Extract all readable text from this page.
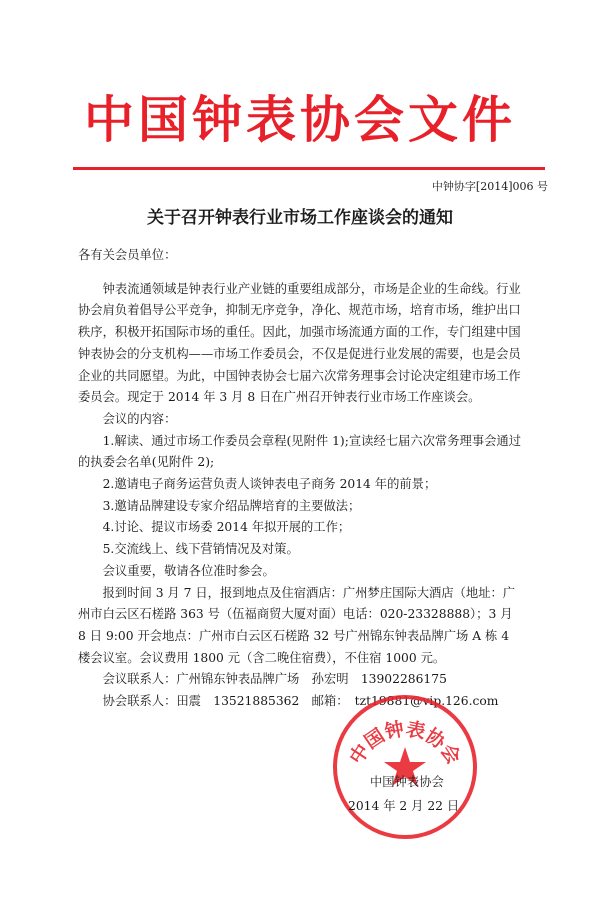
中国钟表协会文件
中钟协字[2014]006 号
关于召开钟表行业市场工作座谈会的通知

各有关会员单位：

钟表流通领域是钟表行业产业链的重要组成部分，市场是企业的生命线。行业协会肩负着倡导公平竞争，抑制无序竞争，净化、规范市场，培育市场，维护出口秩序，积极开拓国际市场的重任。因此，加强市场流通方面的工作，专门组建中国钟表协会的分支机构——市场工作委员会，不仅是促进行业发展的需要，也是会员企业的共同愿望。为此，中国钟表协会七届六次常务理事会讨论决定组建市场工作委员会。现定于 2014 年 3 月 8 日在广州召开钟表行业市场工作座谈会。

会议的内容：

1.解读、通过市场工作委员会章程(见附件 1);宣读经七届六次常务理事会通过的执委会名单(见附件 2);

2.邀请电子商务运营负责人谈钟表电子商务 2014 年的前景；

3.邀请品牌建设专家介绍品牌培育的主要做法；

4.讨论、提议市场委 2014 年拟开展的工作；

5.交流线上、线下营销情况及对策。

会议重要，敬请各位准时参会。

报到时间 3 月 7 日，报到地点及住宿酒店：广州梦庄国际大酒店（地址：广州市白云区石槎路 363 号（伍福商贸大厦对面）电话：020-23328888）；3 月 8 日 9:00 开会地点：广州市白云区石槎路 32 号广州锦东钟表品牌广场 A 栋 4 楼会议室。会议费用 1800 元（含二晚住宿费），不住宿 1000 元。

会议联系人：广州锦东钟表品牌广场　孙宏明　13902286175

协会联系人：田震　13521885362　邮箱：　tzt19881@vip.126.com

中国钟表协会
中国钟表协会
2014 年 2 月 22 日
